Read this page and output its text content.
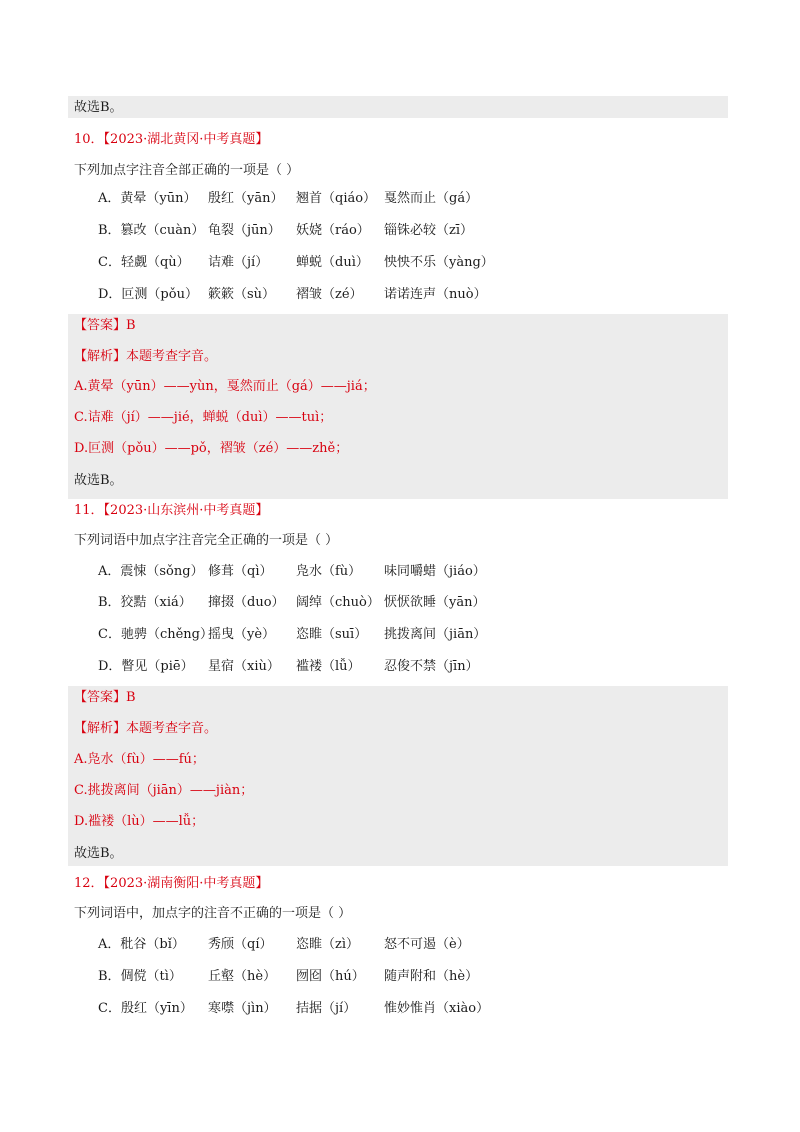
故选B。
10．【2023·湖北黄冈·中考真题】
下列加点字注音全部正确的一项是（ ）
A．黄晕（yūn） 殷红（yān） 翘首（qiáo） 戛然而止（gá）
B．篡改（cuàn） 龟裂（jūn） 妖娆（ráo） 锱铢必较（zī）
C．轻觑（qù） 诘难（jí） 蝉蜕（duì） 怏怏不乐（yàng）
D．叵测（pǒu） 簌簌（sù） 褶皱（zé） 诺诺连声（nuò）
【答案】B
【解析】本题考查字音。
A.黄晕（yūn）——yùn，戛然而止（gá）——jiá；
C.诘难（jí）——jié，蝉蜕（duì）——tuì；
D.叵测（pǒu）——pǒ，褶皱（zé）——zhě；
故选B。
11．【2023·山东滨州·中考真题】
下列词语中加点字注音完全正确的一项是（ ）
A．震悚（sǒng） 修葺（qì） 凫水（fù） 味同嚼蜡（jiáo）
B．狡黠（xiá） 撺掇（duo） 阔绰（chuò） 恹恹欲睡（yān）
C．驰骋（chěng）
摇曳（yè） 恣睢（suī） 挑拨离间（jiān）
D．瞥见（piē） 星宿（xiù） 褴褛（lǚ） 忍俊不禁（jīn）
【答案】B
【解析】本题考查字音。
A.凫水（fù）——fú；
C.挑拨离间（jiān）——jiàn；
D.褴褛（lù）——lǚ；
故选B。
12．【2023·湖南衡阳·中考真题】
下列词语中，加点字的注音不正确的一项是（ ）
A．秕谷（bǐ） 秀颀（qí） 恣睢（zì） 怒不可遏（è）
B．倜傥（tì） 丘壑（hè） 囫囵（hú） 随声附和（hè）
C．殷红（yīn） 寒噤（jìn） 拮据（jí） 惟妙惟肖（xiào）
